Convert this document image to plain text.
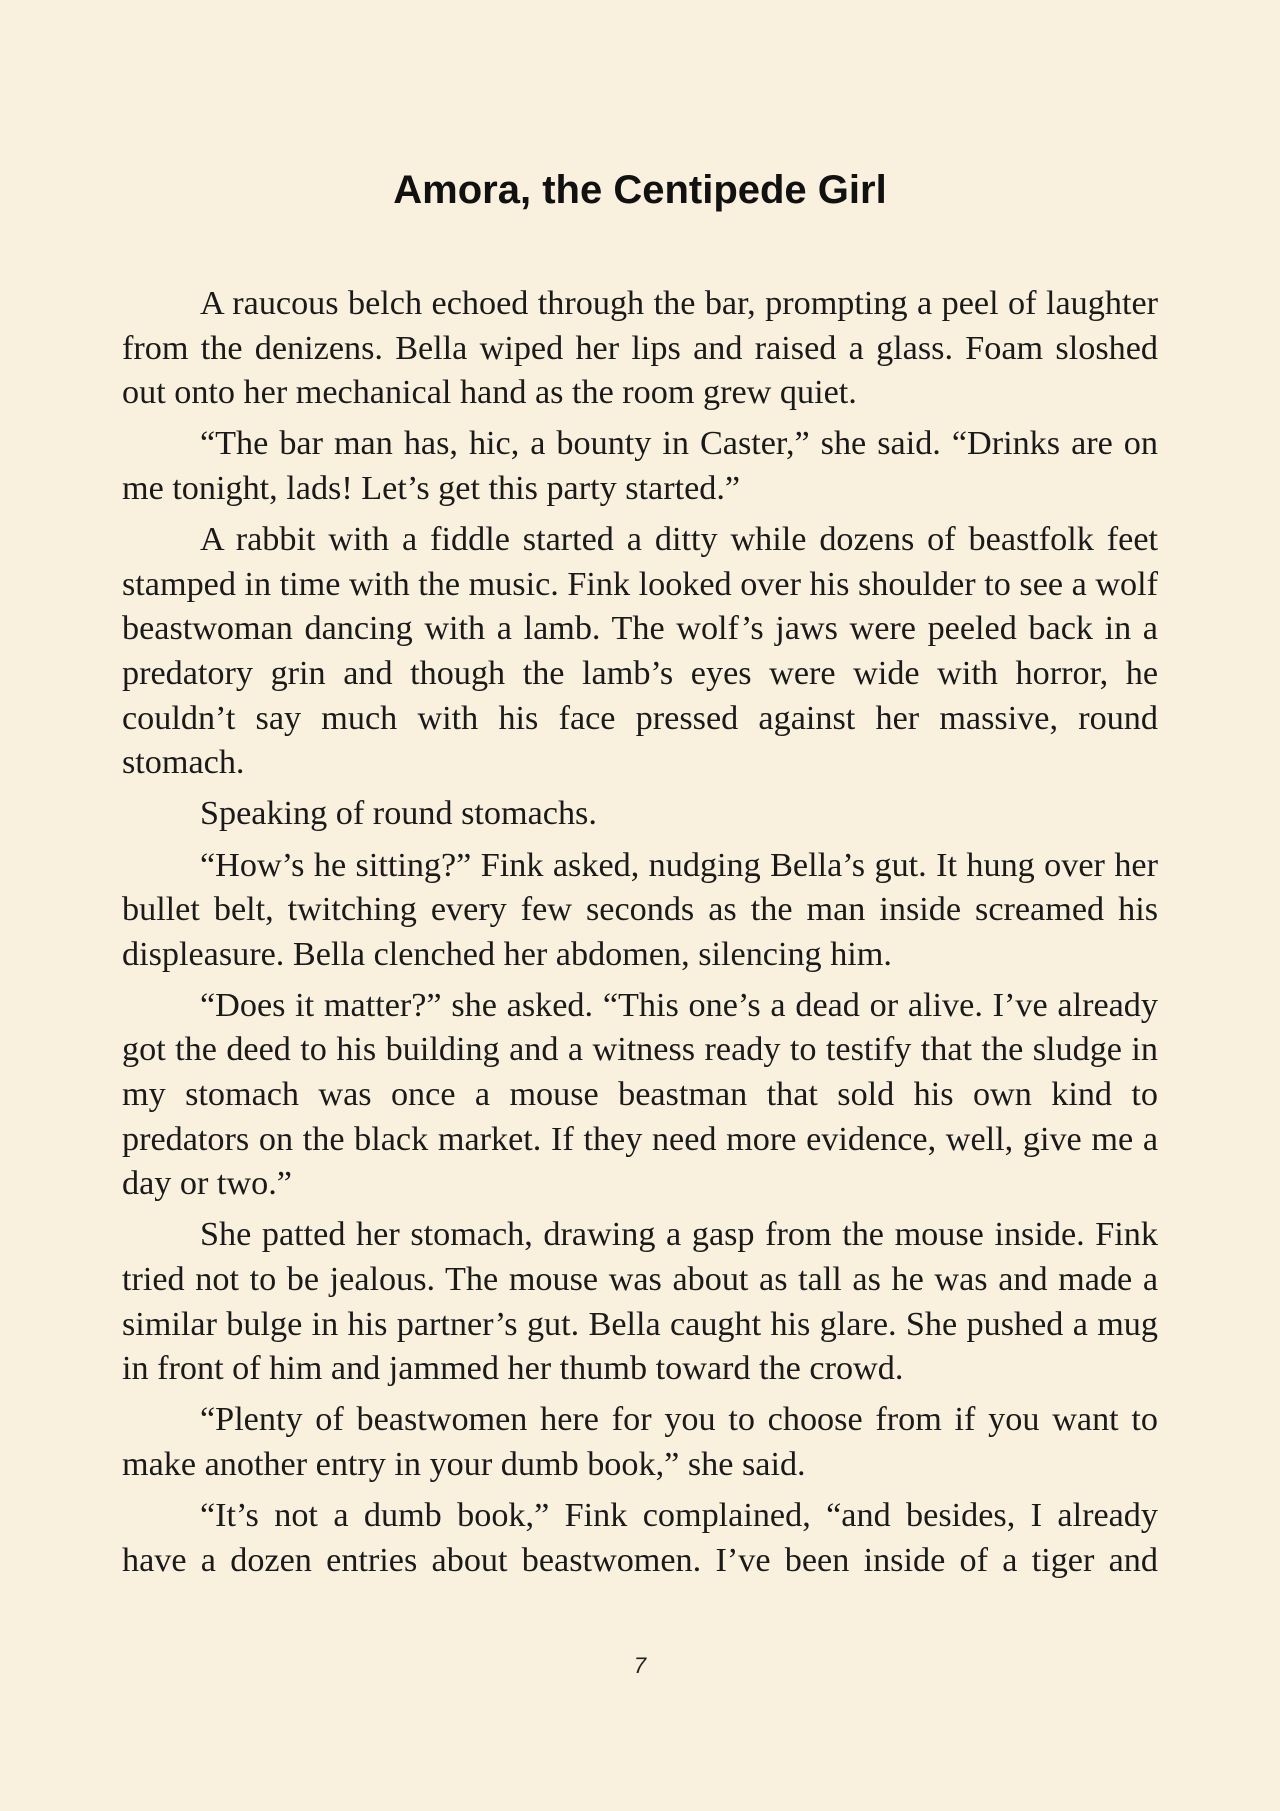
Amora, the Centipede Girl

A raucous belch echoed through the bar, prompting a peel of laughter from the denizens. Bella wiped her lips and raised a glass. Foam sloshed out onto her mechanical hand as the room grew quiet.

“The bar man has, hic, a bounty in Caster,” she said. “Drinks are on me tonight, lads! Let’s get this party started.”

A rabbit with a fiddle started a ditty while dozens of beastfolk feet stamped in time with the music. Fink looked over his shoulder to see a wolf beastwoman dancing with a lamb. The wolf’s jaws were peeled back in a predatory grin and though the lamb’s eyes were wide with horror, he couldn’t say much with his face pressed against her massive, round stomach.

Speaking of round stomachs.

“How’s he sitting?” Fink asked, nudging Bella’s gut. It hung over her bullet belt, twitching every few seconds as the man inside screamed his displeasure. Bella clenched her abdomen, silencing him.

“Does it matter?” she asked. “This one’s a dead or alive. I’ve already got the deed to his building and a witness ready to testify that the sludge in my stomach was once a mouse beastman that sold his own kind to predators on the black market. If they need more evidence, well, give me a day or two.”

She patted her stomach, drawing a gasp from the mouse inside. Fink tried not to be jealous. The mouse was about as tall as he was and made a similar bulge in his partner’s gut. Bella caught his glare. She pushed a mug in front of him and jammed her thumb toward the crowd.

“Plenty of beastwomen here for you to choose from if you want to make another entry in your dumb book,” she said.

“It’s not a dumb book,” Fink complained, “and besides, I already have a dozen entries about beastwomen. I’ve been inside of a tiger and

7
